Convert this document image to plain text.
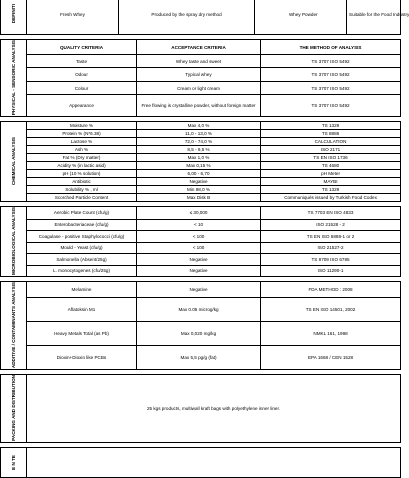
DEFINITI	Fresh Whey	Produced by the spray dry method			Whey Powder	Suitable for the Food Industry

PHYSICAL - SENSORIC ANALYSIS	QUALITY CRITERIA		ACCEPTANCE CRITERIA		THE METHOD OF ANALYSIS	
	Taste		Whey taste and sweet		TS 3707 ISO 5492	
	Odour		Typical whey		TS 3707 ISO 5492	
	Colour		Cream or light cream		TS 3707 ISO 5492	
	Appearance		Free flowing is crystalline powder, without foreign matter		TS 3707 ISO 5492	

CHEMICAL ANALYSIS	Moisture %		Max 4,0 %		TS 1329	
	Protein % (N*6.38)		11,0 - 13,0 %		TS 8886	
	Lactose %		72,0 - 74,0 %		CALCULATION	
	Ash %		8,5 - 9,5 %		ISO 2171	
	Fat % (Dry matter)		Max 1,0 %		TS EN ISO 1736	
	Acidity % (in lactic asid)		Max 0,15 %		TS 4680	
	pH (10 % solution)		6,00 - 6,70		pH Meter	
	Antibiotic		Negative		MAYBI	
	Solubility % , ml		Min 98,0 %		TS 1329	
	Scorched Particle Content		Max Disk B		Communiqués issued by Turkish Food Codex	

MICROBIOLOGICAL ANALYSIS	Aerobic Plate Count (cfu/g)		≤ 30,000		TS 7703 EN ISO 4833	
	Enterobacteriaceae (cfu/g)		< 10		ISO 21528 - 2	
	Coagulase - positive Staphylococci (cfu/g)		< 100		TS EN ISO 6888-1 or 2	
	Mould - Yeast (cfu/g)		< 100		ISO 21527-2	
	Salmonella (Absent/25g)		Negative		TS 8709 ISO 6785	
	L. monocytogenes (cfu/25g)		Negative		ISO 11290-1	

ADDITIVE / CONTAMINANTS ANALYSIS	Melamine		Negative		FDA METHOD : 2008	
	Aflatoksin M1		Max 0.05 microg/kg		TS EN ISO 14501, 2002	
	Heavy Metals Total (as Pb)		Max 0,020 mg/kg		NMKL 161, 1998	
	Dioxin+Dioxin like PCBs		Max 5,5 pg/g (fat)		EPA 1668 / CEN 1528	

PACKING AND DISTRIBUTION	25 kgs products, multiwall kraft bags with polyethylene inner liner.					

E N TE						
